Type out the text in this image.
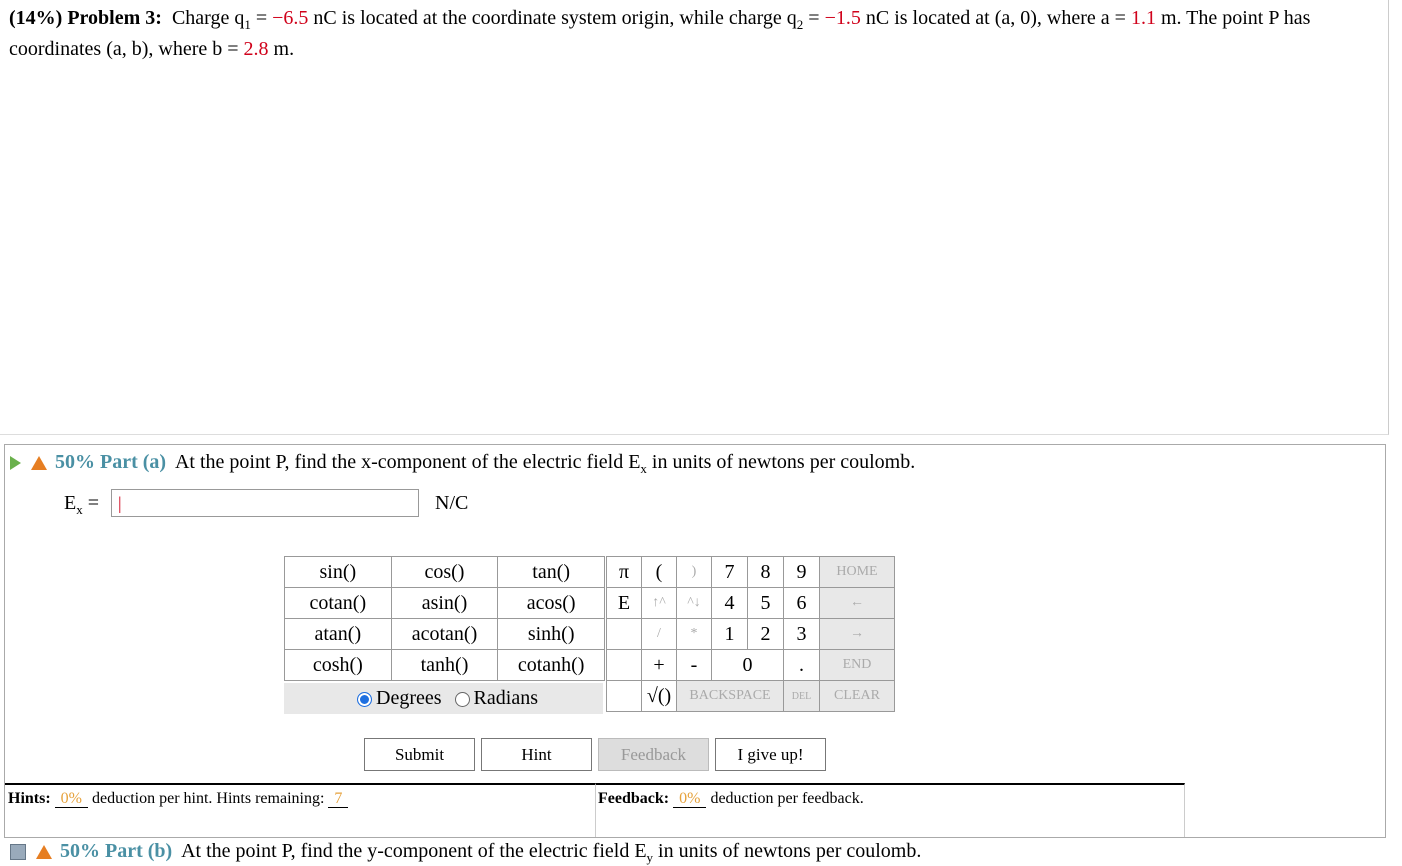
(14%) Problem 3: Charge $q_1 = -6.5$ nC is located at the coordinate system origin, while charge $q_2 = -1.5$ nC is located at (a, 0), where a = 1.1 m. The point P has coordinates (a, b), where b = 2.8 m.
50% Part (a) At the point P, find the x-component of the electric field $E_x$ in units of newtons per coulomb.
$E_x$ =
|	N/C
sin()	cos()	tan()
cotan()	asin()	acos()
atan()	acotan()	sinh()
cosh()	tanh()	cotanh()
Degrees Radians
π	(	)	7	8	9	HOME
E	↑^	^↓	4	5	6	←
	/	*	1	2	3	→
	+	-	0		.	END
	√()	BACKSPACE			DEL	CLEAR
Submit	Hint	Feedback	I give up!
Hints: 0% deduction per hint. Hints remaining: 7	Feedback: 0% deduction per feedback.
50% Part (b) At the point P, find the y-component of the electric field $E_y$ in units of newtons per coulomb.
